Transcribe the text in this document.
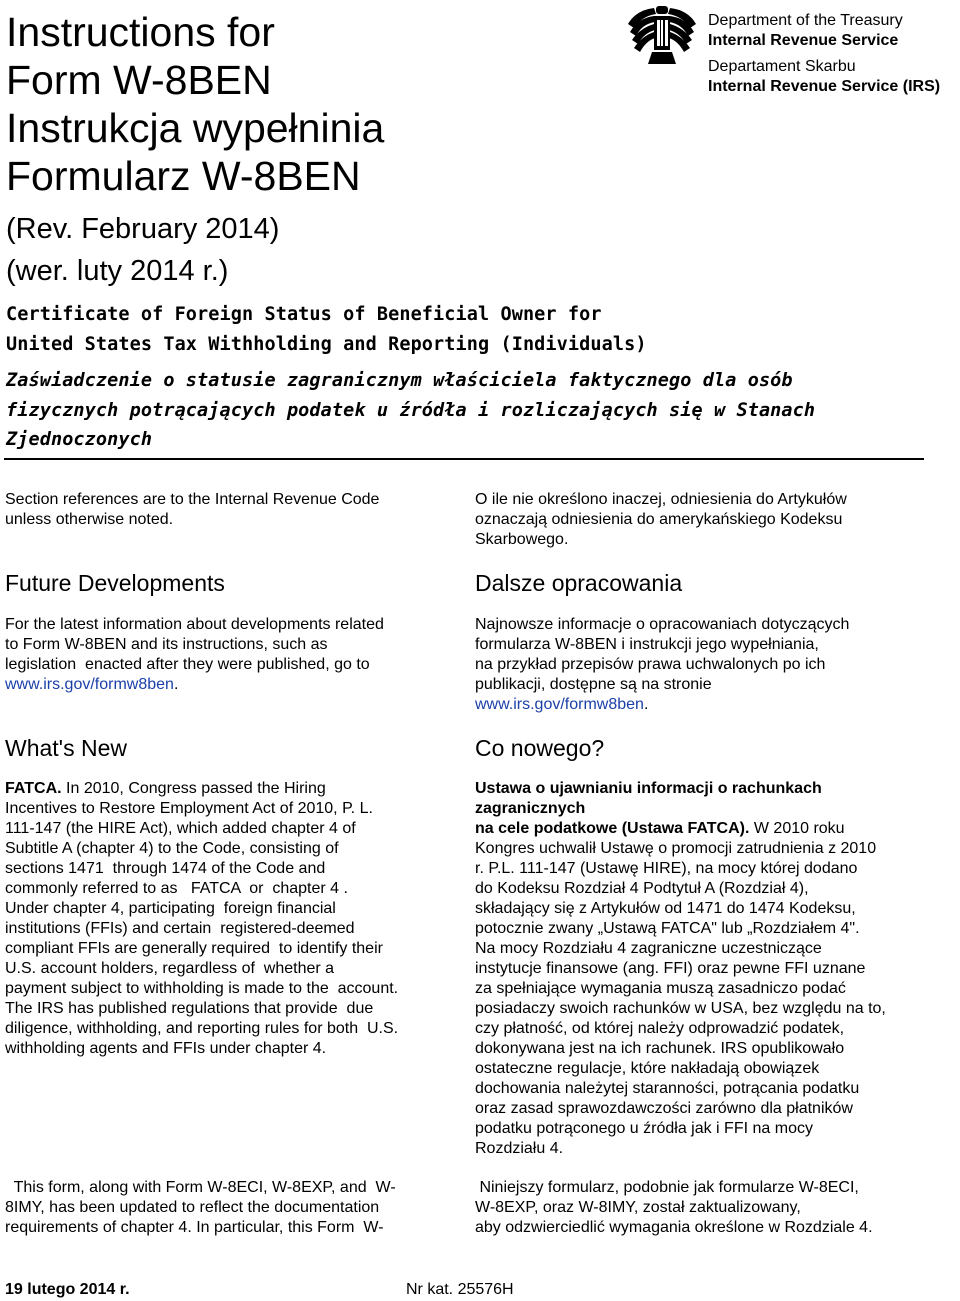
Instructions for
Form W-8BEN
Instrukcja wypełninia
Formularz W-8BEN
(Rev. February 2014)
(wer. luty 2014 r.)
Department of the Treasury
Internal Revenue Service
Departament Skarbu
Internal Revenue Service (IRS)
Certificate of Foreign Status of Beneficial Owner for
United States Tax Withholding and Reporting (Individuals)
Zaświadczenie o statusie zagranicznym właściciela faktycznego dla osób
fizycznych potrącających podatek u źródła i rozliczających się w Stanach
Zjednoczonych
Section references are to the Internal Revenue Code
unless otherwise noted.
Future Developments
For the latest information about developments related
to Form W-8BEN and its instructions, such as
legislation  enacted after they were published, go to
www.irs.gov/formw8ben.
What's New
FATCA. In 2010, Congress passed the Hiring
Incentives to Restore Employment Act of 2010, P. L.
111-147 (the HIRE Act), which added chapter 4 of
Subtitle A (chapter 4) to the Code, consisting of
sections 1471  through 1474 of the Code and
commonly referred to as   FATCA  or  chapter 4 .
Under chapter 4, participating  foreign financial
institutions (FFIs) and certain  registered-deemed
compliant FFIs are generally required  to identify their
U.S. account holders, regardless of  whether a
payment subject to withholding is made to the  account.
The IRS has published regulations that provide  due
diligence, withholding, and reporting rules for both  U.S.
withholding agents and FFIs under chapter 4.
This form, along with Form W-8ECI, W-8EXP, and  W-
8IMY, has been updated to reflect the documentation
requirements of chapter 4. In particular, this Form  W-
O ile nie określono inaczej, odniesienia do Artykułów
oznaczają odniesienia do amerykańskiego Kodeksu
Skarbowego.
Dalsze opracowania
Najnowsze informacje o opracowaniach dotyczących
formularza W-8BEN i instrukcji jego wypełniania,
na przykład przepisów prawa uchwalonych po ich
publikacji, dostępne są na stronie
www.irs.gov/formw8ben.
Co nowego?
Ustawa o ujawnianiu informacji o rachunkach
zagranicznych
na cele podatkowe (Ustawa FATCA). W 2010 roku
Kongres uchwalił Ustawę o promocji zatrudnienia z 2010
r. P.L. 111-147 (Ustawę HIRE), na mocy której dodano
do Kodeksu Rozdział 4 Podtytuł A (Rozdział 4),
składający się z Artykułów od 1471 do 1474 Kodeksu,
potocznie zwany „Ustawą FATCA" lub „Rozdziałem 4".
Na mocy Rozdziału 4 zagraniczne uczestniczące
instytucje finansowe (ang. FFI) oraz pewne FFI uznane
za spełniające wymagania muszą zasadniczo podać
posiadaczy swoich rachunków w USA, bez względu na to,
czy płatność, od której należy odprowadzić podatek,
dokonywana jest na ich rachunek. IRS opublikowało
ostateczne regulacje, które nakładają obowiązek
dochowania należytej staranności, potrącania podatku
oraz zasad sprawozdawczości zarówno dla płatników
podatku potrąconego u źródła jak i FFI na mocy
Rozdziału 4.
Niniejszy formularz, podobnie jak formularze W-8ECI,
W-8EXP, oraz W-8IMY, został zaktualizowany,
aby odzwierciedlić wymagania określone w Rozdziale 4.
19 lutego 2014 r.	Nr kat. 25576H
